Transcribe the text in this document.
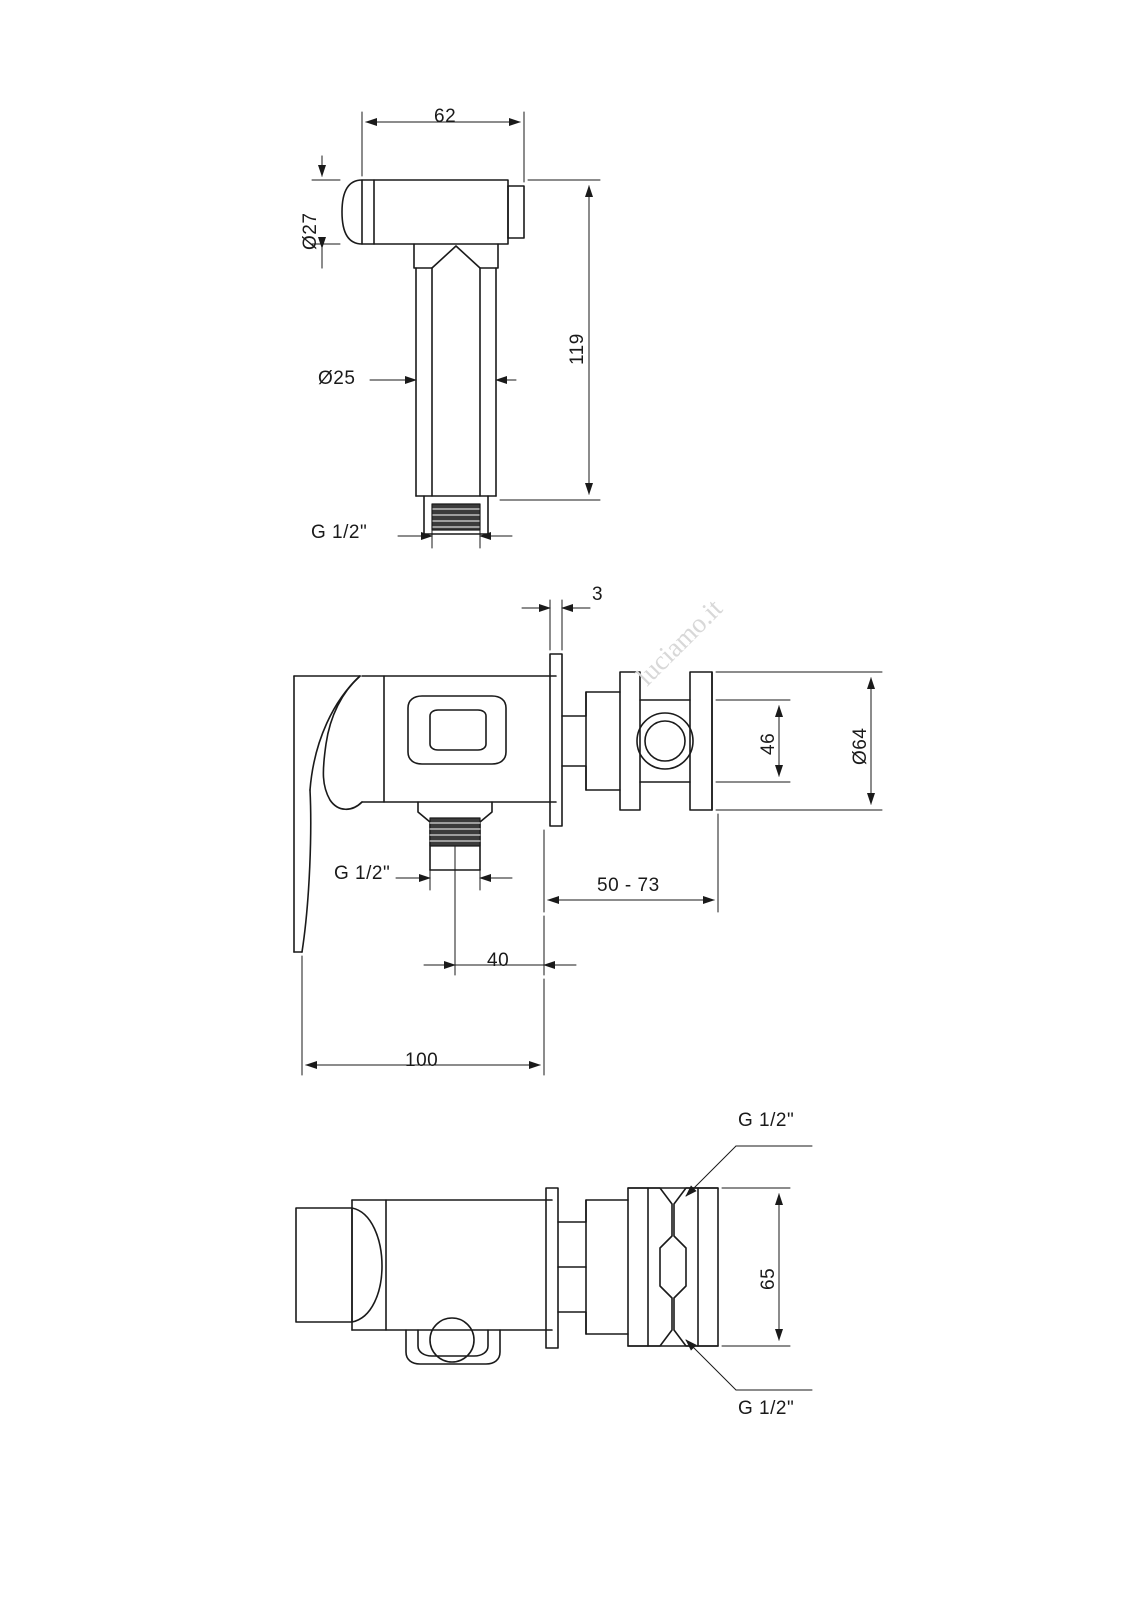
62
Ø27
Ø25
119
G 1/2"
3
46	Ø64
G 1/2"
50 - 73
40
100
G 1/2"
65
G 1/2"
luciamo.it
